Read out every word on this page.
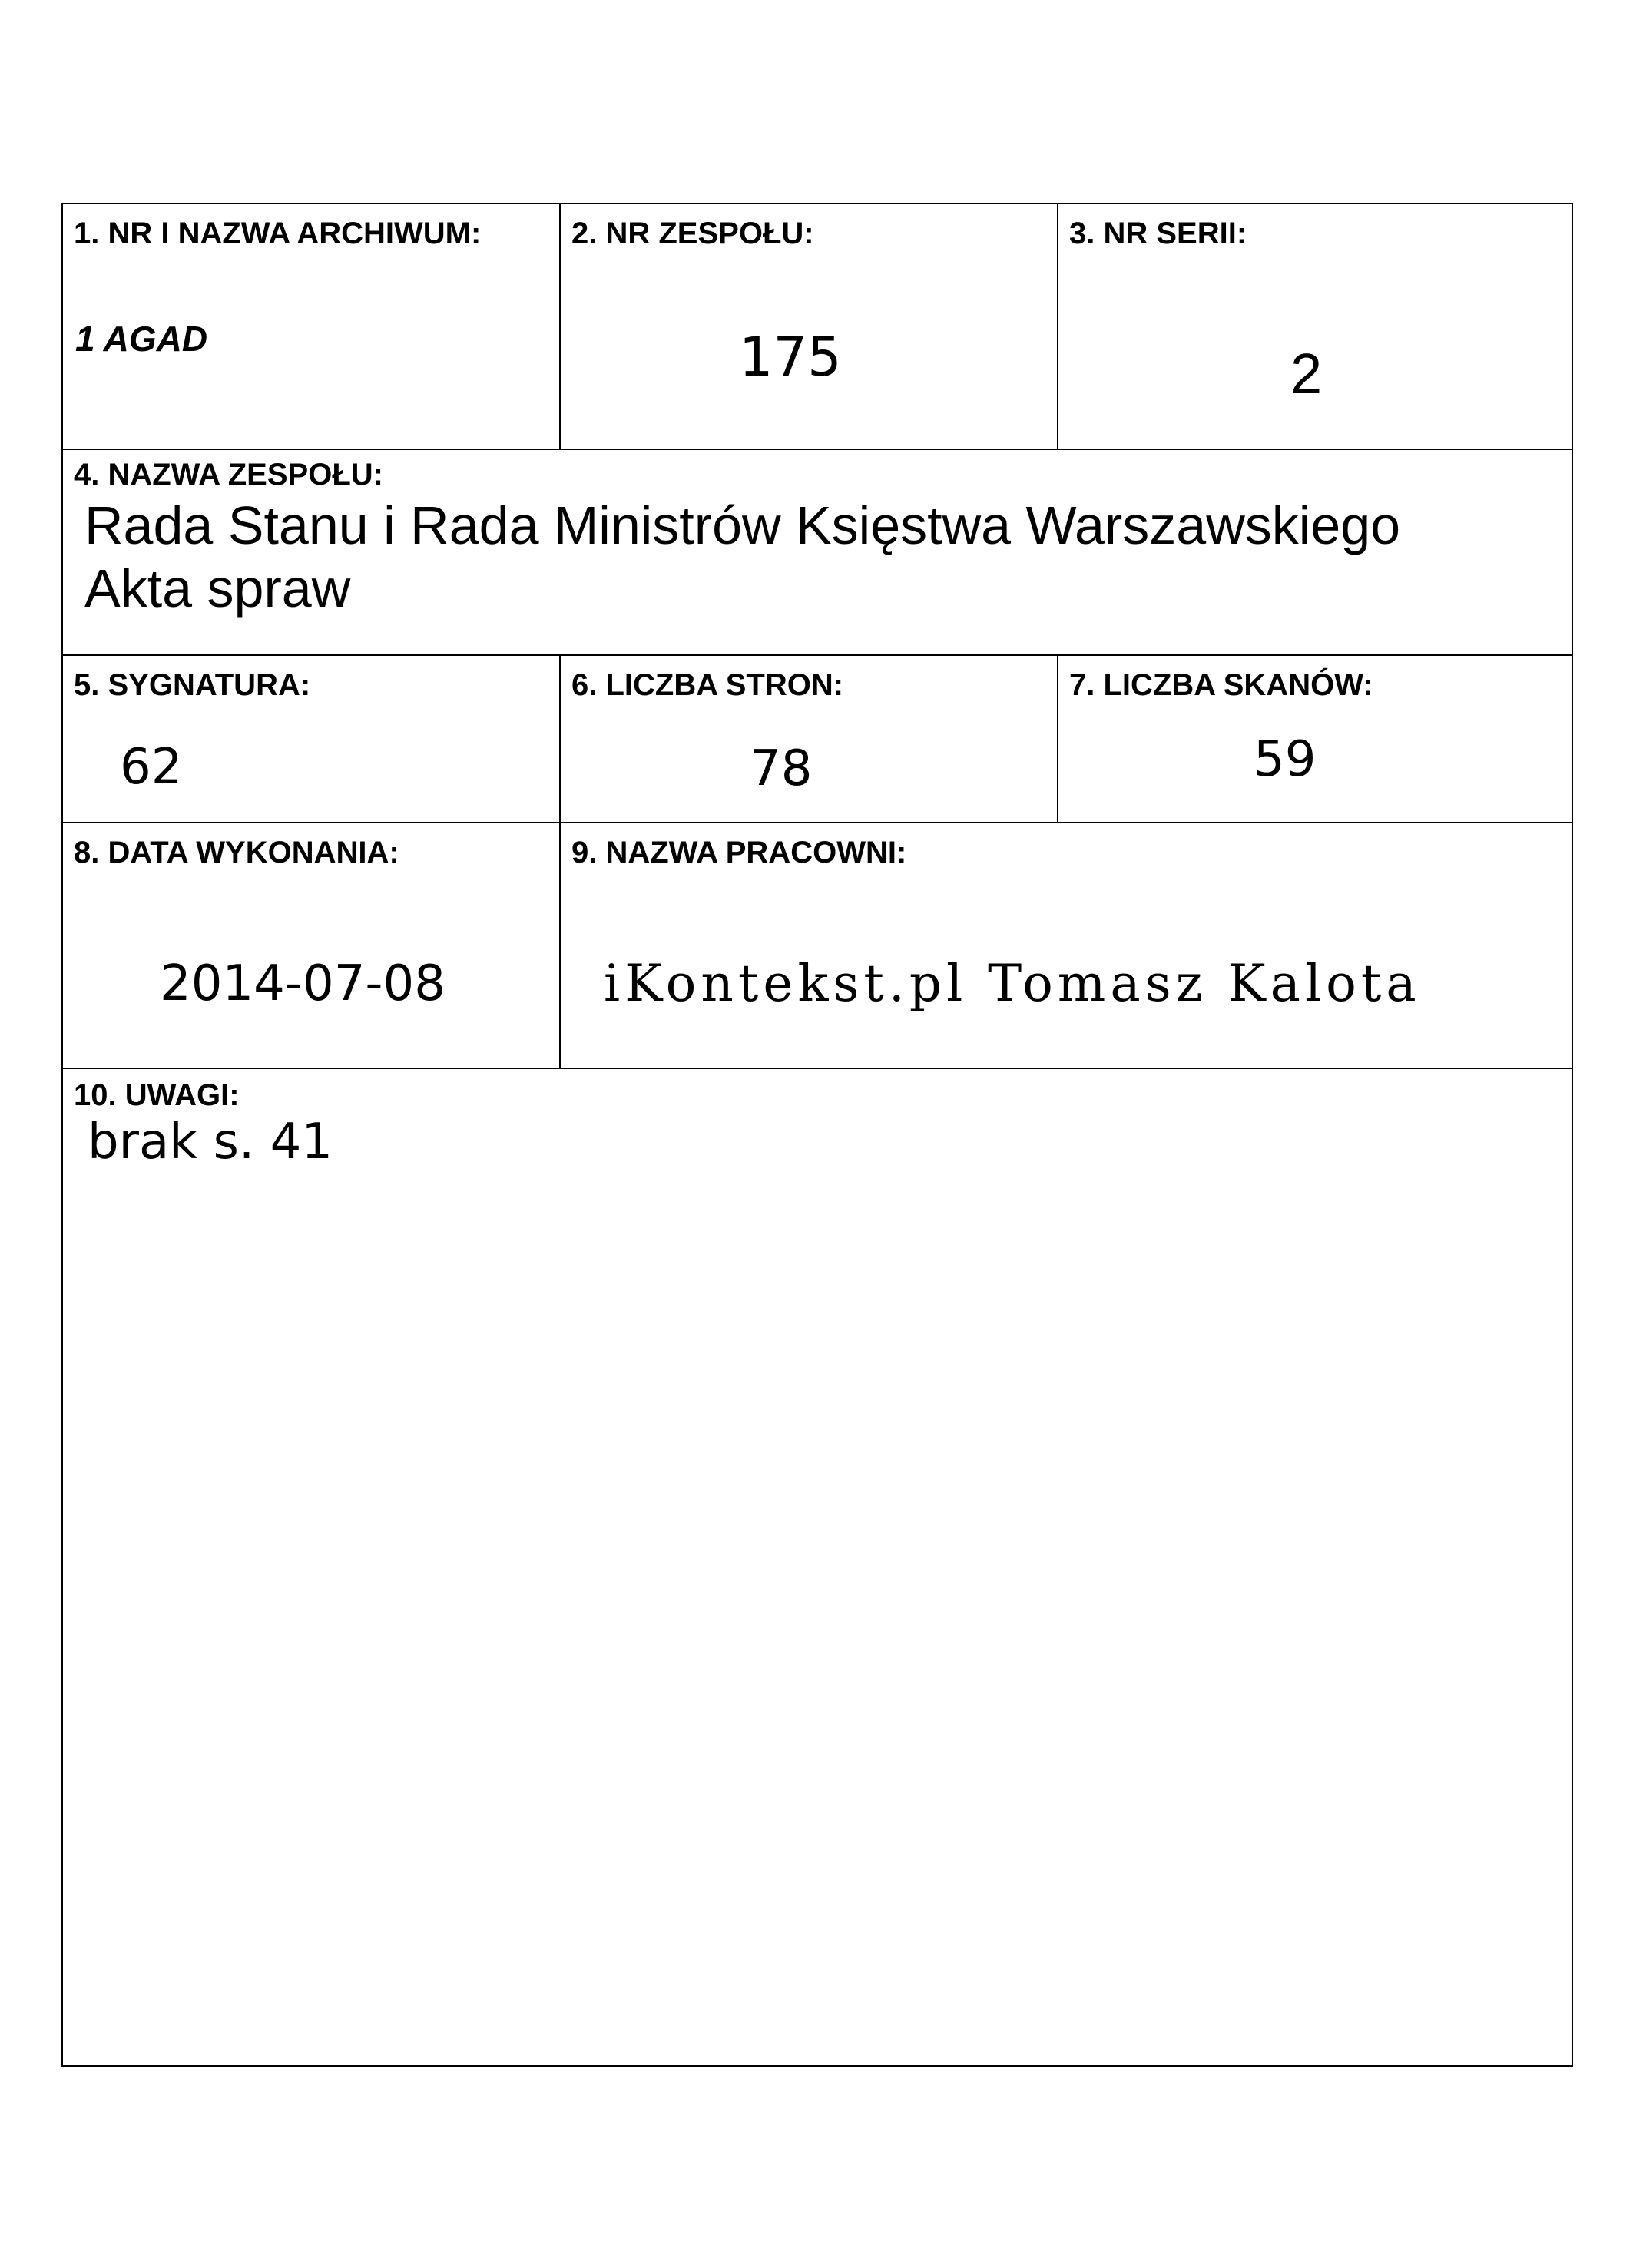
1. NR I NAZWA ARCHIWUM:
1 AGAD
2. NR ZESPOŁU:
175
3. NR SERII:
2
4. NAZWA ZESPOŁU:
Rada Stanu i Rada Ministrów Księstwa Warszawskiego
Akta spraw
5. SYGNATURA:
62
6. LICZBA STRON:
78
7. LICZBA SKANÓW:
59
8. DATA WYKONANIA:
2014-07-08
9. NAZWA PRACOWNI:
iKontekst.pl Tomasz Kalota
10. UWAGI:
brak s. 41
